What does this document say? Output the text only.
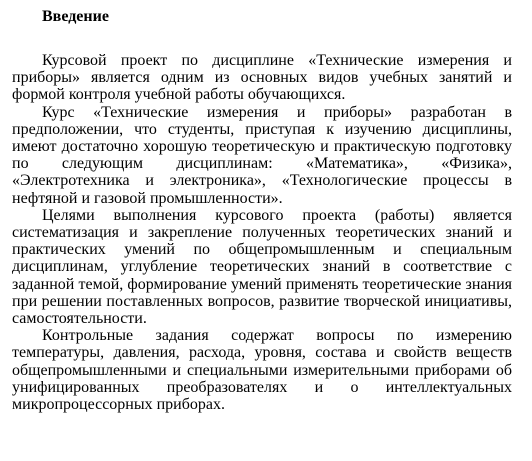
Введение

Курсовой проект по дисциплине «Технические измерения и приборы» является одним из основных видов учебных занятий и формой контроля учебной работы обучающихся.

Курс «Технические измерения и приборы» разработан в предположении, что студенты, приступая к изучению дисциплины, имеют достаточно хорошую теоретическую и практическую подготовку по следующим дисциплинам: «Математика», «Физика», «Электротехника и электроника», «Технологические процессы в нефтяной и газовой промышленности».

Целями выполнения курсового проекта (работы) является систематизация и закрепление полученных теоретических знаний и практических умений по общепромышленным и специальным дисциплинам, углубление теоретических знаний в соответствие с заданной темой, формирование умений применять теоретические знания при решении поставленных вопросов, развитие творческой инициативы, самостоятельности.

Контрольные задания содержат вопросы по измерению температуры, давления, расхода, уровня, состава и свойств веществ общепромышленными и специальными измерительными приборами об унифицированных преобразователях и о интеллектуальных микропроцессорных приборах.
